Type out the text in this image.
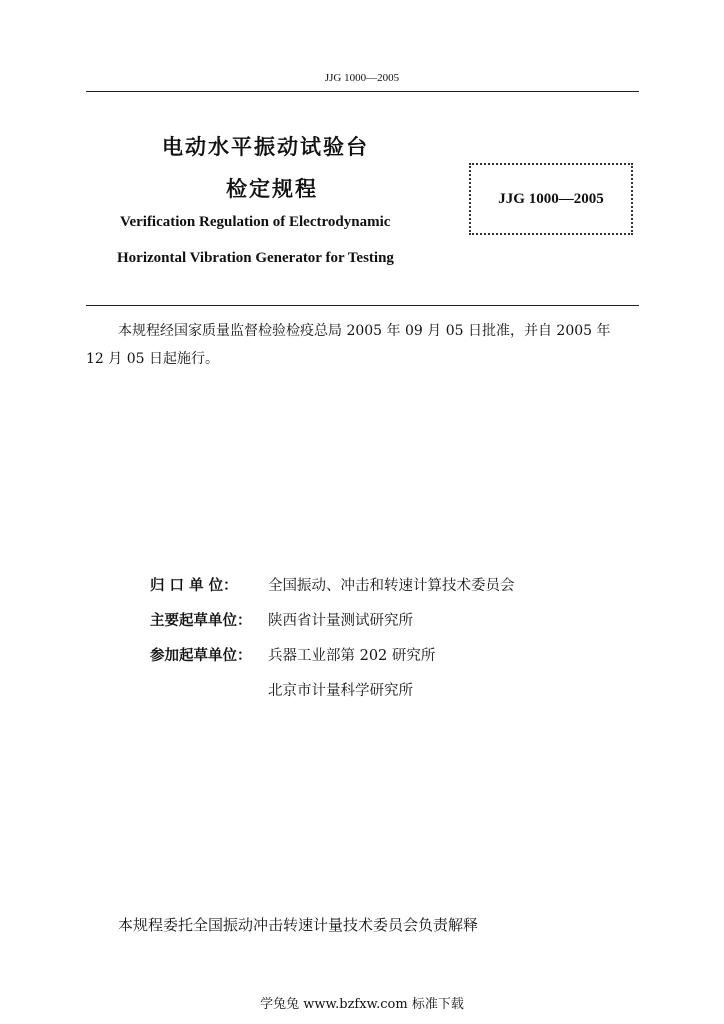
JJG 1000—2005
电动水平振动试验台
检定规程
Verification Regulation of Electrodynamic
Horizontal Vibration Generator for Testing
JJG 1000—2005
本规程经国家质量监督检验检疫总局 2005 年 09 月 05 日批准，并自 2005 年
12 月 05 日起施行。
归 口 单 位： 全国振动、冲击和转速计算技术委员会
主要起草单位： 陕西省计量测试研究所
参加起草单位： 兵器工业部第 202 研究所
北京市计量科学研究所
本规程委托全国振动冲击转速计量技术委员会负责解释
学兔兔 www.bzfxw.com 标准下载
